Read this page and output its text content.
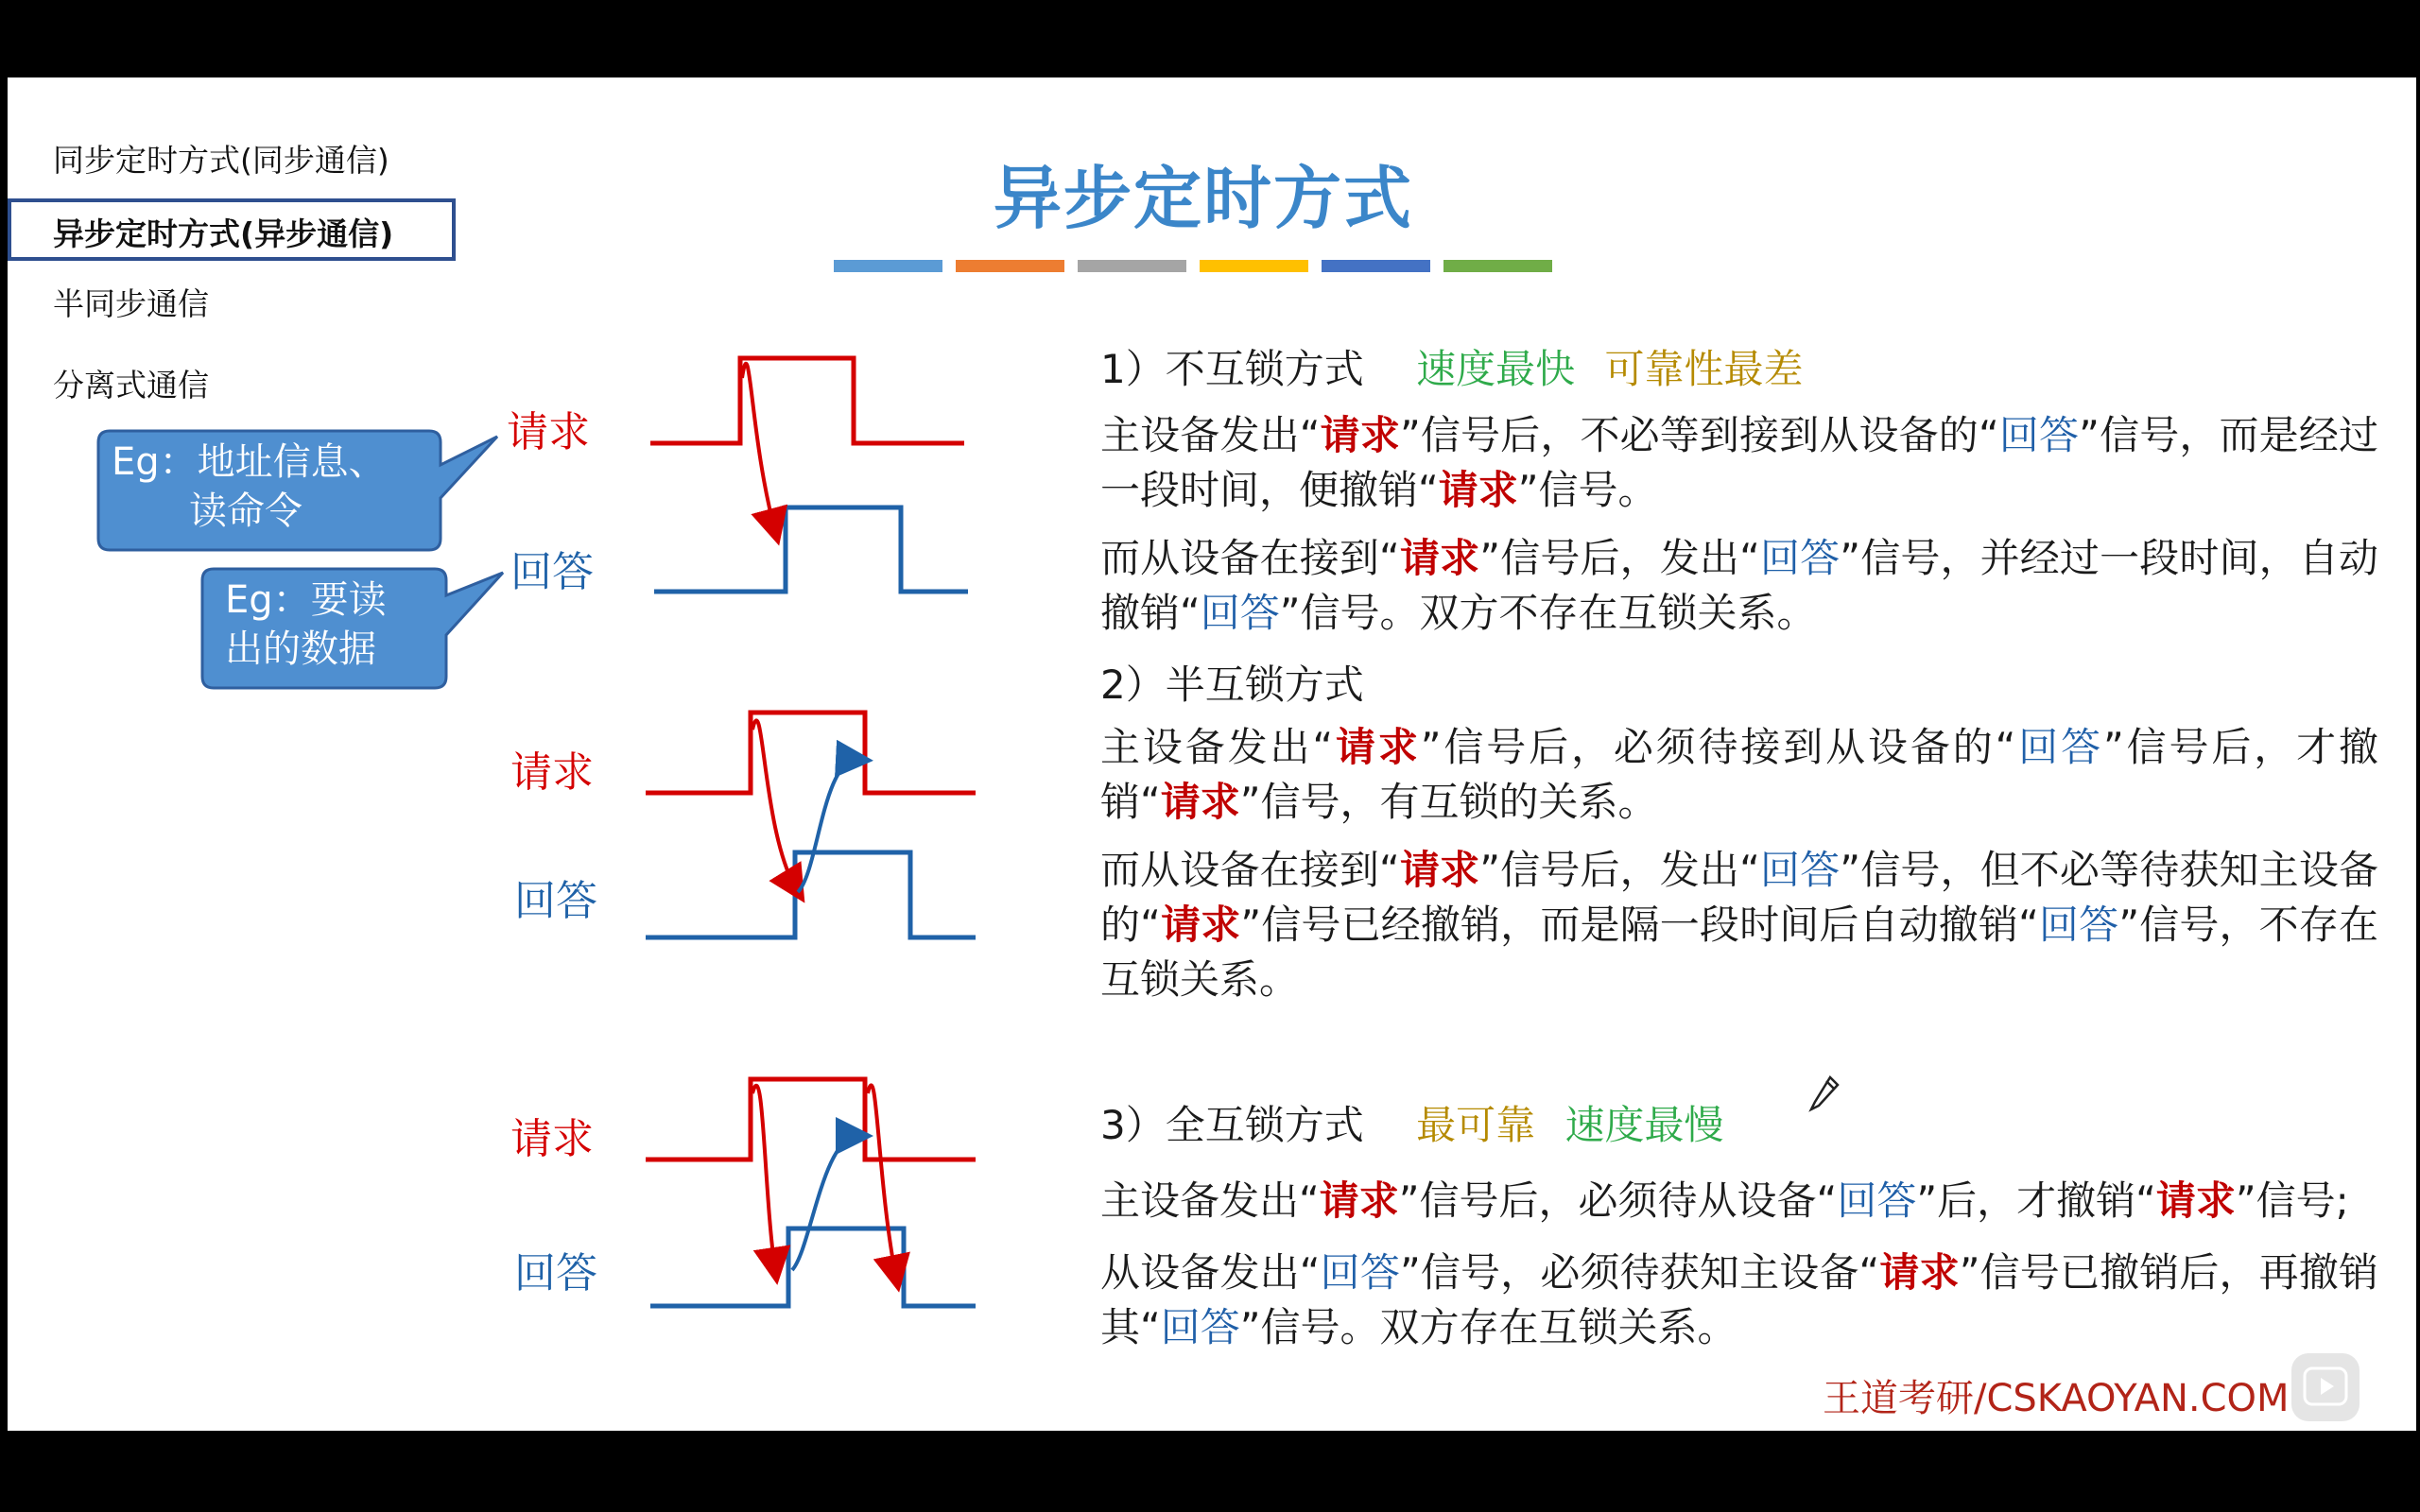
同步定时方式(同步通信)
异步定时方式(异步通信)
半同步通信
分离式通信
异步定时方式
Eg：地址信息、
读命令
Eg：要读
出的数据
请求
回答
请求
回答
请求
回答
1）不互锁方式 速度最快 可靠性最差

主设备发出“请求”信号后，不必等到接到从设备的“回答”信号，而是经过一段时间，便撤销“请求”信号。

而从设备在接到“请求”信号后，发出“回答”信号，并经过一段时间，自动撤销“回答”信号。双方不存在互锁关系。

2）半互锁方式

主设备发出“请求”信号后，必须待接到从设备的“回答”信号后，才撤销“请求”信号，有互锁的关系。

而从设备在接到“请求”信号后，发出“回答”信号，但不必等待获知主设备的“请求”信号已经撤销，而是隔一段时间后自动撤销“回答”信号，不存在互锁关系。

3）全互锁方式 最可靠 速度最慢

主设备发出“请求”信号后，必须待从设备“回答”后，才撤销“请求”信号;

从设备发出“回答”信号，必须待获知主设备“请求”信号已撤销后，再撤销其“回答”信号。双方存在互锁关系。

王道考研/CSKAOYAN.COM
